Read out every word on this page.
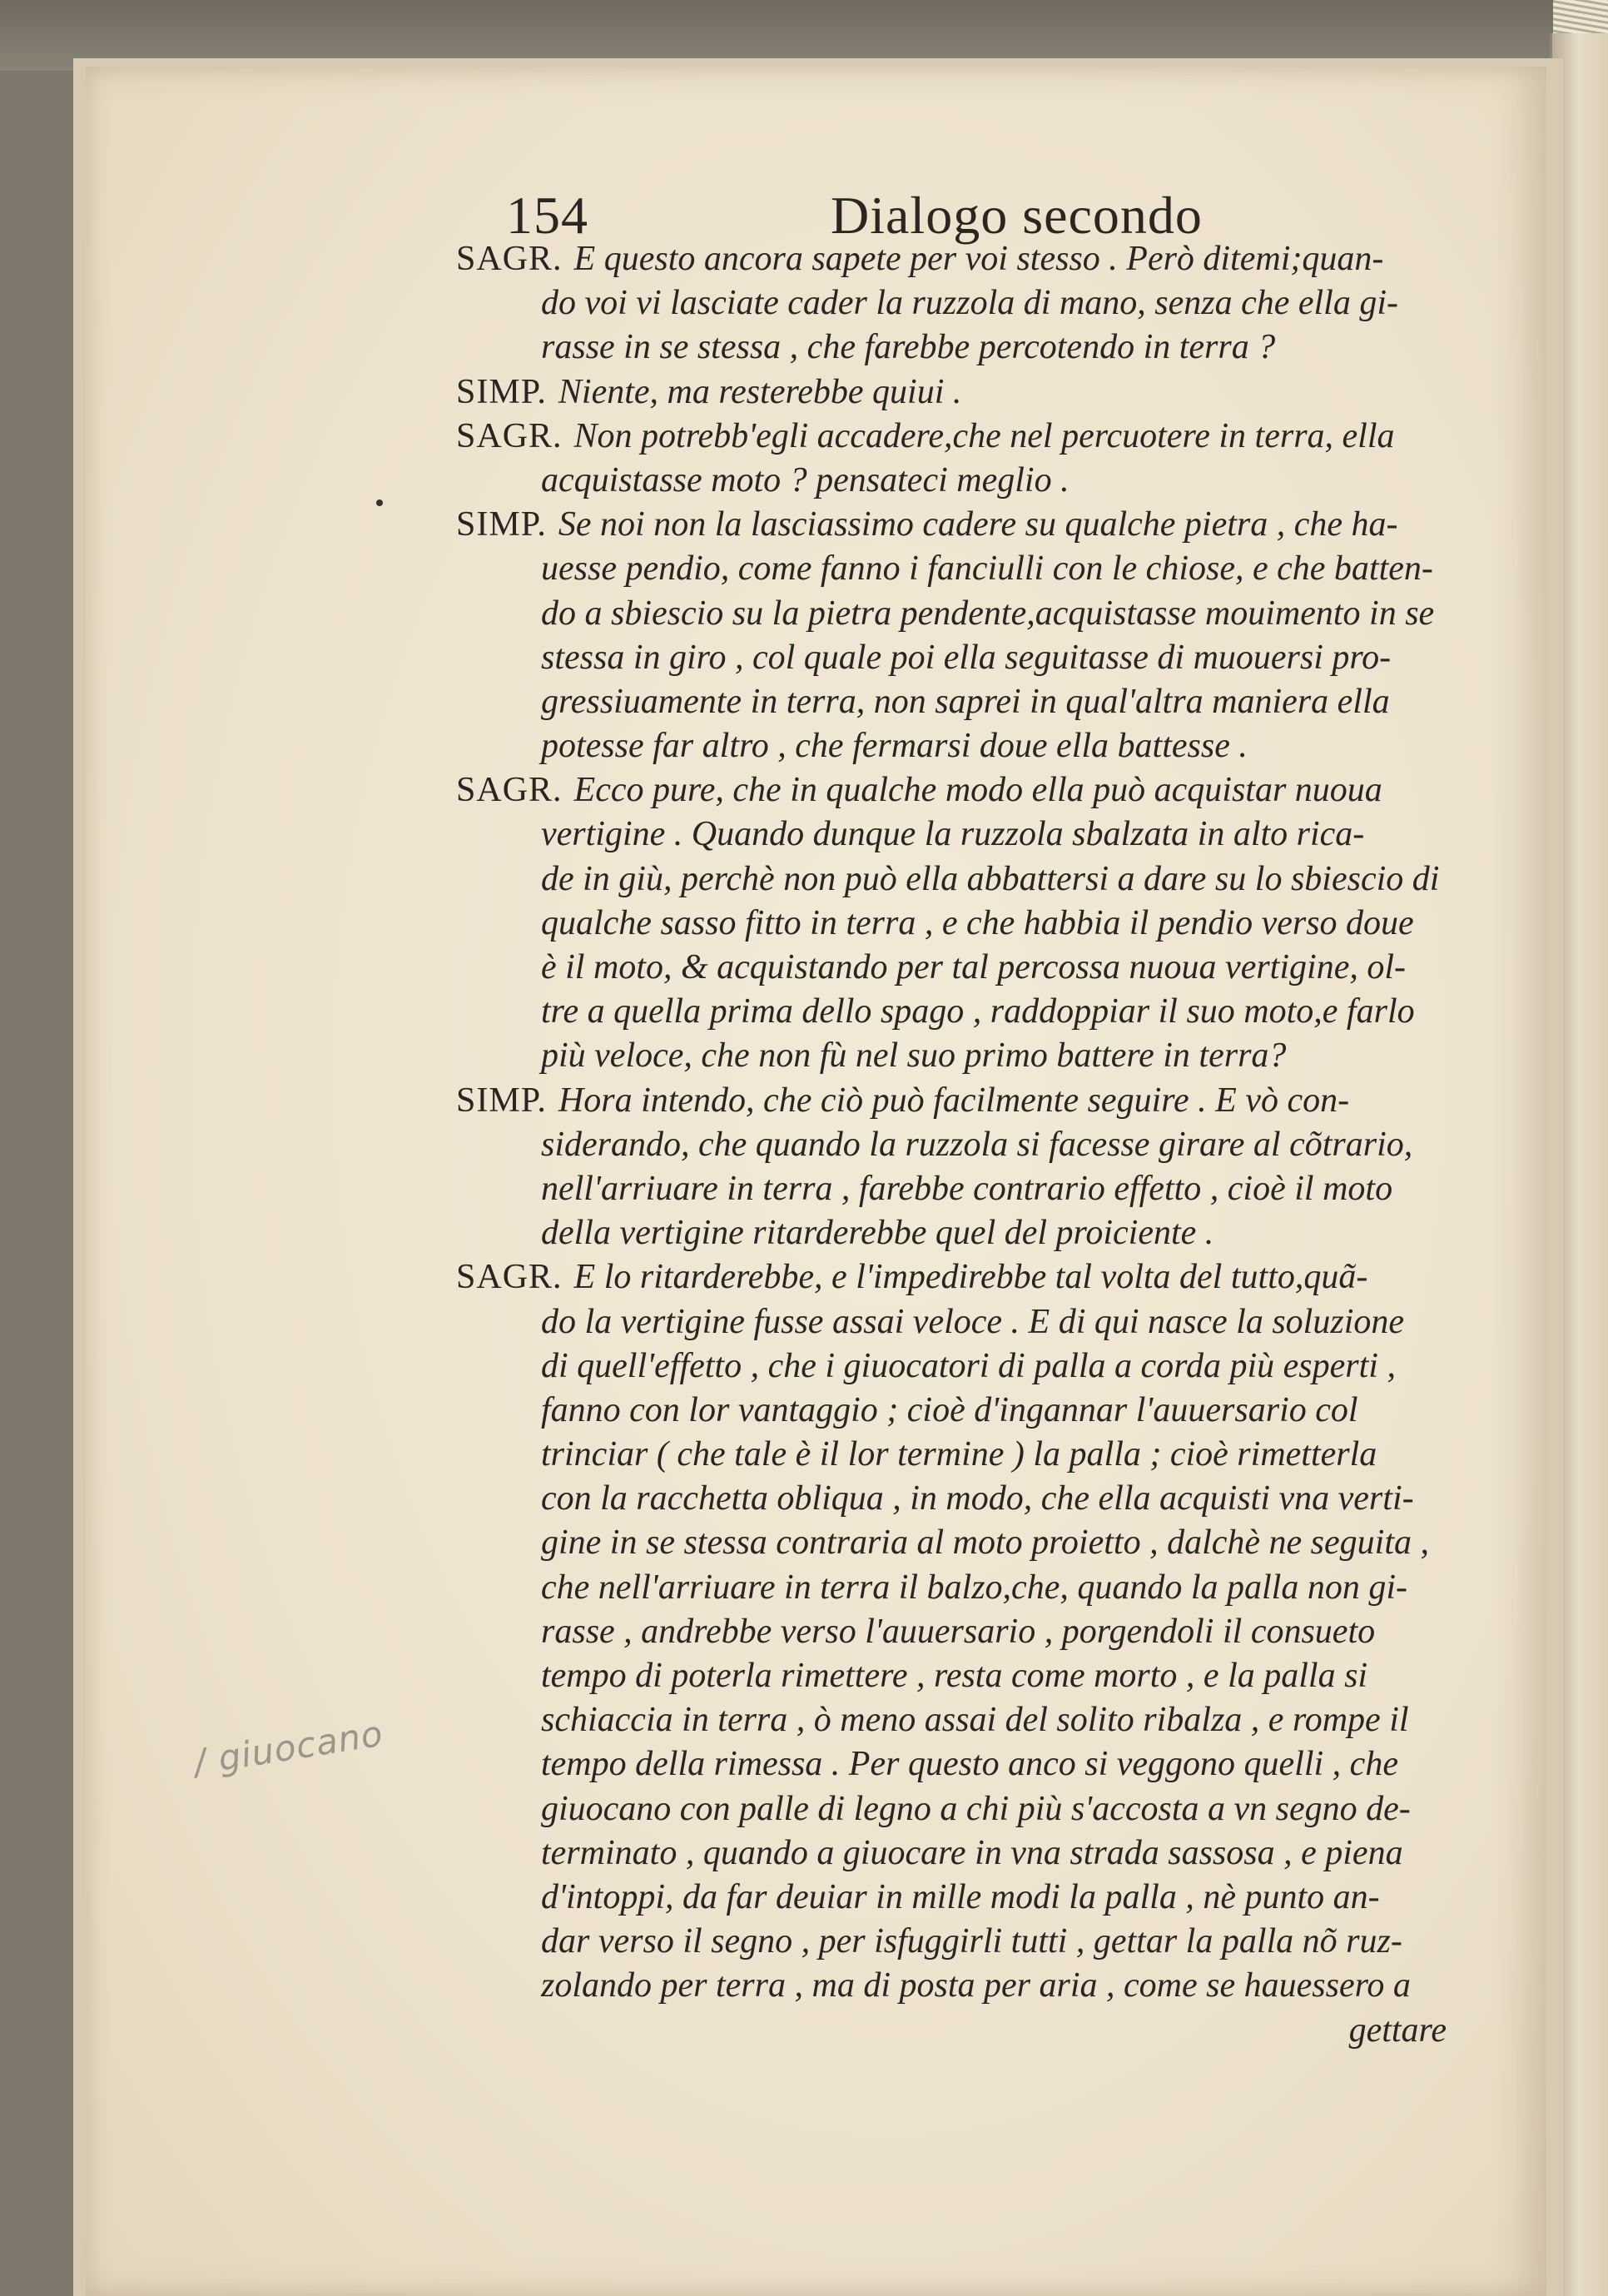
154	Dialogo secondo
SAGR. E questo ancora sapete per voi stesso . Però ditemi;quan-
do voi vi lasciate cader la ruzzola di mano, senza che ella gi-
rasse in se stessa , che farebbe percotendo in terra ?
SIMP. Niente, ma resterebbe quiui .
SAGR. Non potrebb'egli accadere,che nel percuotere in terra, ella
acquistasse moto ? pensateci meglio .
SIMP. Se noi non la lasciassimo cadere su qualche pietra , che ha-
uesse pendio, come fanno i fanciulli con le chiose, e che batten-
do a sbiescio su la pietra pendente,acquistasse mouimento in se
stessa in giro , col quale poi ella seguitasse di muouersi pro-
gressiuamente in terra, non saprei in qual'altra maniera ella
potesse far altro , che fermarsi doue ella battesse .
SAGR. Ecco pure, che in qualche modo ella può acquistar nuoua
vertigine . Quando dunque la ruzzola sbalzata in alto rica-
de in giù, perchè non può ella abbattersi a dare su lo sbiescio di
qualche sasso fitto in terra , e che habbia il pendio verso doue
è il moto, & acquistando per tal percossa nuoua vertigine, ol-
tre a quella prima dello spago , raddoppiar il suo moto,e farlo
più veloce, che non fù nel suo primo battere in terra?
SIMP. Hora intendo, che ciò può facilmente seguire . E vò con-
siderando, che quando la ruzzola si facesse girare al cõtrario,
nell'arriuare in terra , farebbe contrario effetto , cioè il moto
della vertigine ritarderebbe quel del proiciente .
SAGR. E lo ritarderebbe, e l'impedirebbe tal volta del tutto,quã-
do la vertigine fusse assai veloce . E di qui nasce la soluzione
di quell'effetto , che i giuocatori di palla a corda più esperti ,
fanno con lor vantaggio ; cioè d'ingannar l'auuersario col
trinciar ( che tale è il lor termine ) la palla ; cioè rimetterla
con la racchetta obliqua , in modo, che ella acquisti vna verti-
gine in se stessa contraria al moto proietto , dalchè ne seguita ,
che nell'arriuare in terra il balzo,che, quando la palla non gi-
rasse , andrebbe verso l'auuersario , porgendoli il consueto
tempo di poterla rimettere , resta come morto , e la palla si
schiaccia in terra , ò meno assai del solito ribalza , e rompe il
tempo della rimessa . Per questo anco si veggono quelli , che
giuocano con palle di legno a chi più s'accosta a vn segno de-
terminato , quando a giuocare in vna strada sassosa , e piena
d'intoppi, da far deuiar in mille modi la palla , nè punto an-
dar verso il segno , per isfuggirli tutti , gettar la palla nõ ruz-
zolando per terra , ma di posta per aria , come se hauessero a
gettare
/ giuocano
